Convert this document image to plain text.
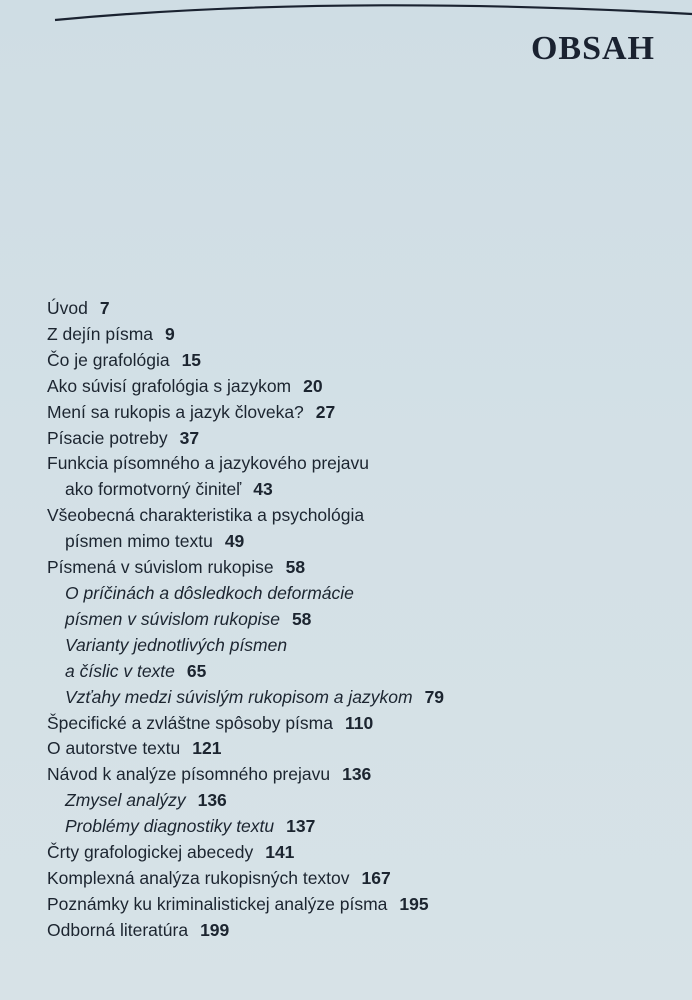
OBSAH
Úvod 7
Z dejín písma 9
Čo je grafológia 15
Ako súvisí grafológia s jazykom 20
Mení sa rukopis a jazyk človeka? 27
Písacie potreby 37
Funkcia písomného a jazykového prejavu
ako formotvorný činiteľ 43
Všeobecná charakteristika a psychológia
písmen mimo textu 49
Písmená v súvislom rukopise 58
O príčinách a dôsledkoch deformácie
písmen v súvislom rukopise 58
Varianty jednotlivých písmen
a číslic v texte 65
Vzťahy medzi súvislým rukopisom a jazykom 79
Špecifické a zvláštne spôsoby písma 110
O autorstve textu 121
Návod k analýze písomného prejavu 136
Zmysel analýzy 136
Problémy diagnostiky textu 137
Črty grafologickej abecedy 141
Komplexná analýza rukopisných textov 167
Poznámky ku kriminalistickej analýze písma 195
Odborná literatúra 199
